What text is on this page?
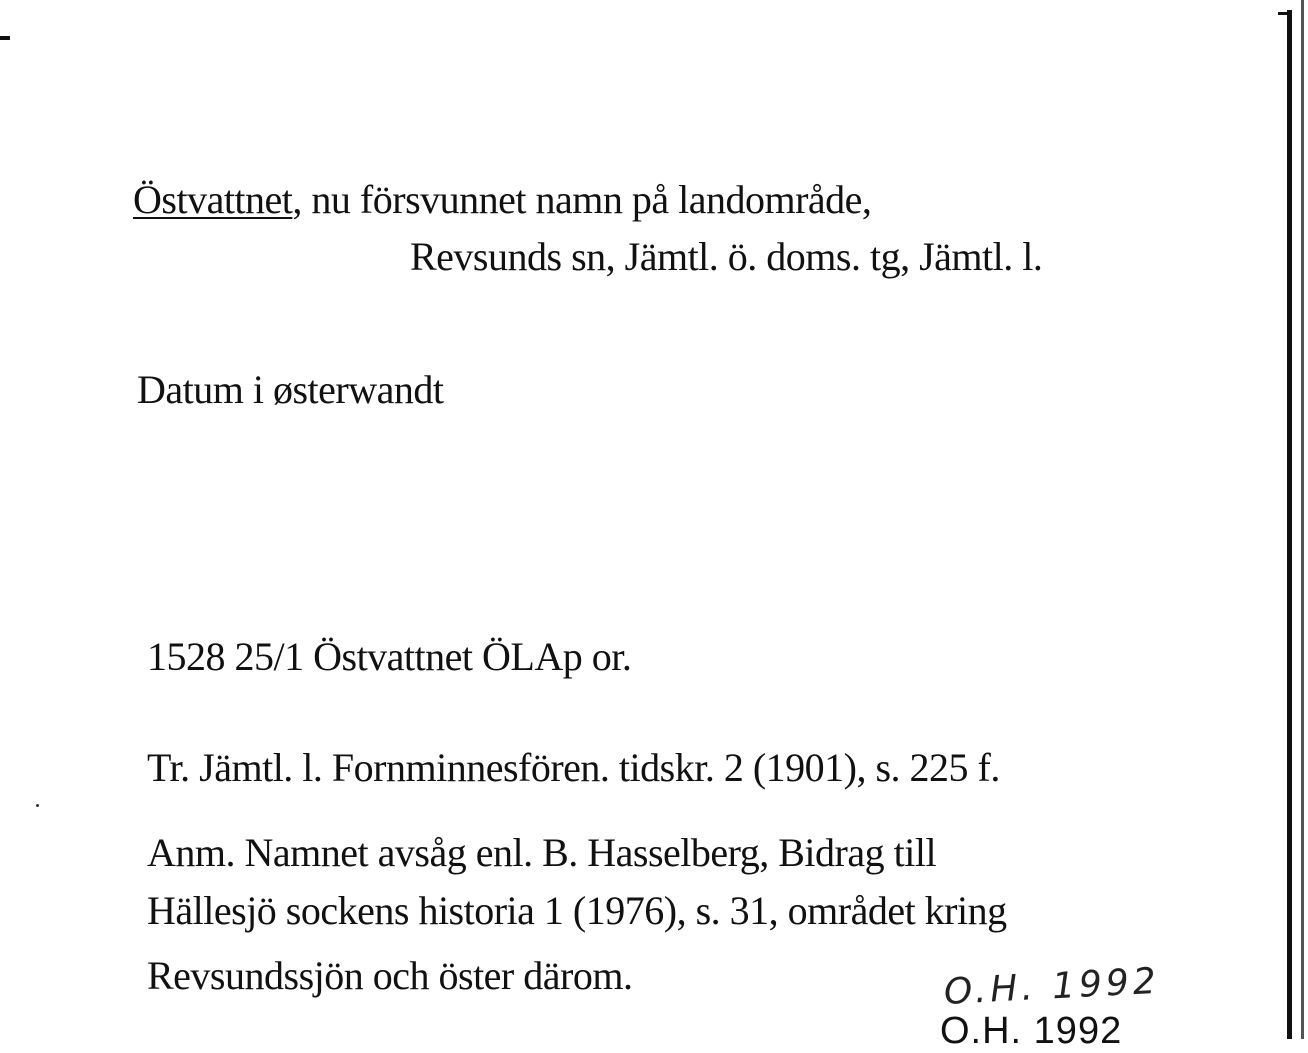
Östvattnet, nu försvunnet namn på landområde,
Revsunds sn, Jämtl. ö. doms. tg, Jämtl. l.
Datum i østerwandt
1528 25/1 Östvattnet ÖLAp or.
Tr. Jämtl. l. Fornminnesfören. tidskr. 2 (1901), s. 225 f.
Anm. Namnet avsåg enl. B. Hasselberg, Bidrag till
Hällesjö sockens historia 1 (1976), s. 31, området kring
Revsundssjön och öster därom.	O.H. 1992
O.H. 1992
